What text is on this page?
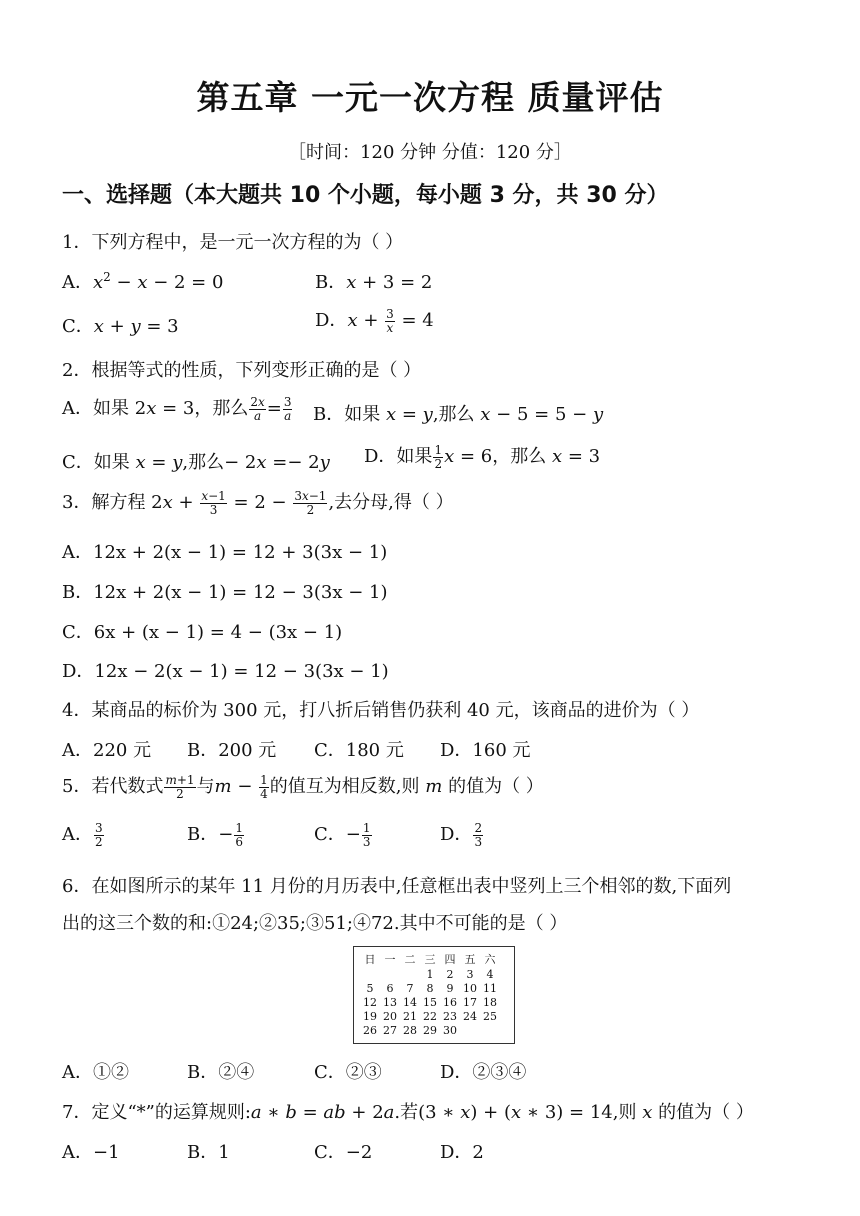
第五章 一元一次方程 质量评估
［时间：120 分钟 分值：120 分］
一、选择题（本大题共 10 个小题，每小题 3 分，共 30 分）
1．下列方程中，是一元一次方程的为（ ）
A．$x^2 - x - 2 = 0$	B．x + 3 = 2
C．x + y = 3	D．$x + \frac{3}{x} = 4$
2．根据等式的性质，下列变形正确的是（ ）
A．如果 2x = 3，那么 $\frac{2x}{a} = \frac{3}{a}$ B．如果 x = y,那么 x − 5 = 5 − y
C．如果 x = y,那么− 2x =− 2y D．如果 $\frac{1}{2}$ x = 6，那么 x = 3
3．解方程 $2x + \frac{x-1}{3} = 2 - \frac{3x-1}{2}$ ,去分母,得（ ）
A．12x + 2(x − 1) = 12 + 3(3x − 1)
B．12x + 2(x − 1) = 12 − 3(3x − 1)
C．6x + (x − 1) = 4 − (3x − 1)
D．12x − 2(x − 1) = 12 − 3(3x − 1)
4．某商品的标价为 300 元，打八折后销售仍获利 40 元，该商品的进价为（ ）
A．220 元 B．200 元 C．180 元 D．160 元
5．若代数式 $\frac{m+1}{2}$ 与$m - \frac{1}{4}$ 的值互为相反数,则 m 的值为（ ）
A． $\frac{3}{2}$	B．− $\frac{1}{6}$	C．− $\frac{1}{3}$	D． $\frac{2}{3}$
6．在如图所示的某年 11 月份的月历表中,任意框出表中竖列上三个相邻的数,下面列
出的这三个数的和:①24;②35;③51;④72.其中不可能的是（ ）
日	一	二	三	四	五	六
			1	2	3	4
5	6	7	8	9	10	11
12	13	14	15	16	17	18
19	20	21	22	23	24	25
26	27	28	29	30		
A．①②	B．②④	C．②③	D．②③④
7．定义“*”的运算规则:a ∗ b = ab + 2a.若(3 ∗ x) + (x ∗ 3) = 14,则 x 的值为（ ）
A．−1	B．1	C．−2	D．2
